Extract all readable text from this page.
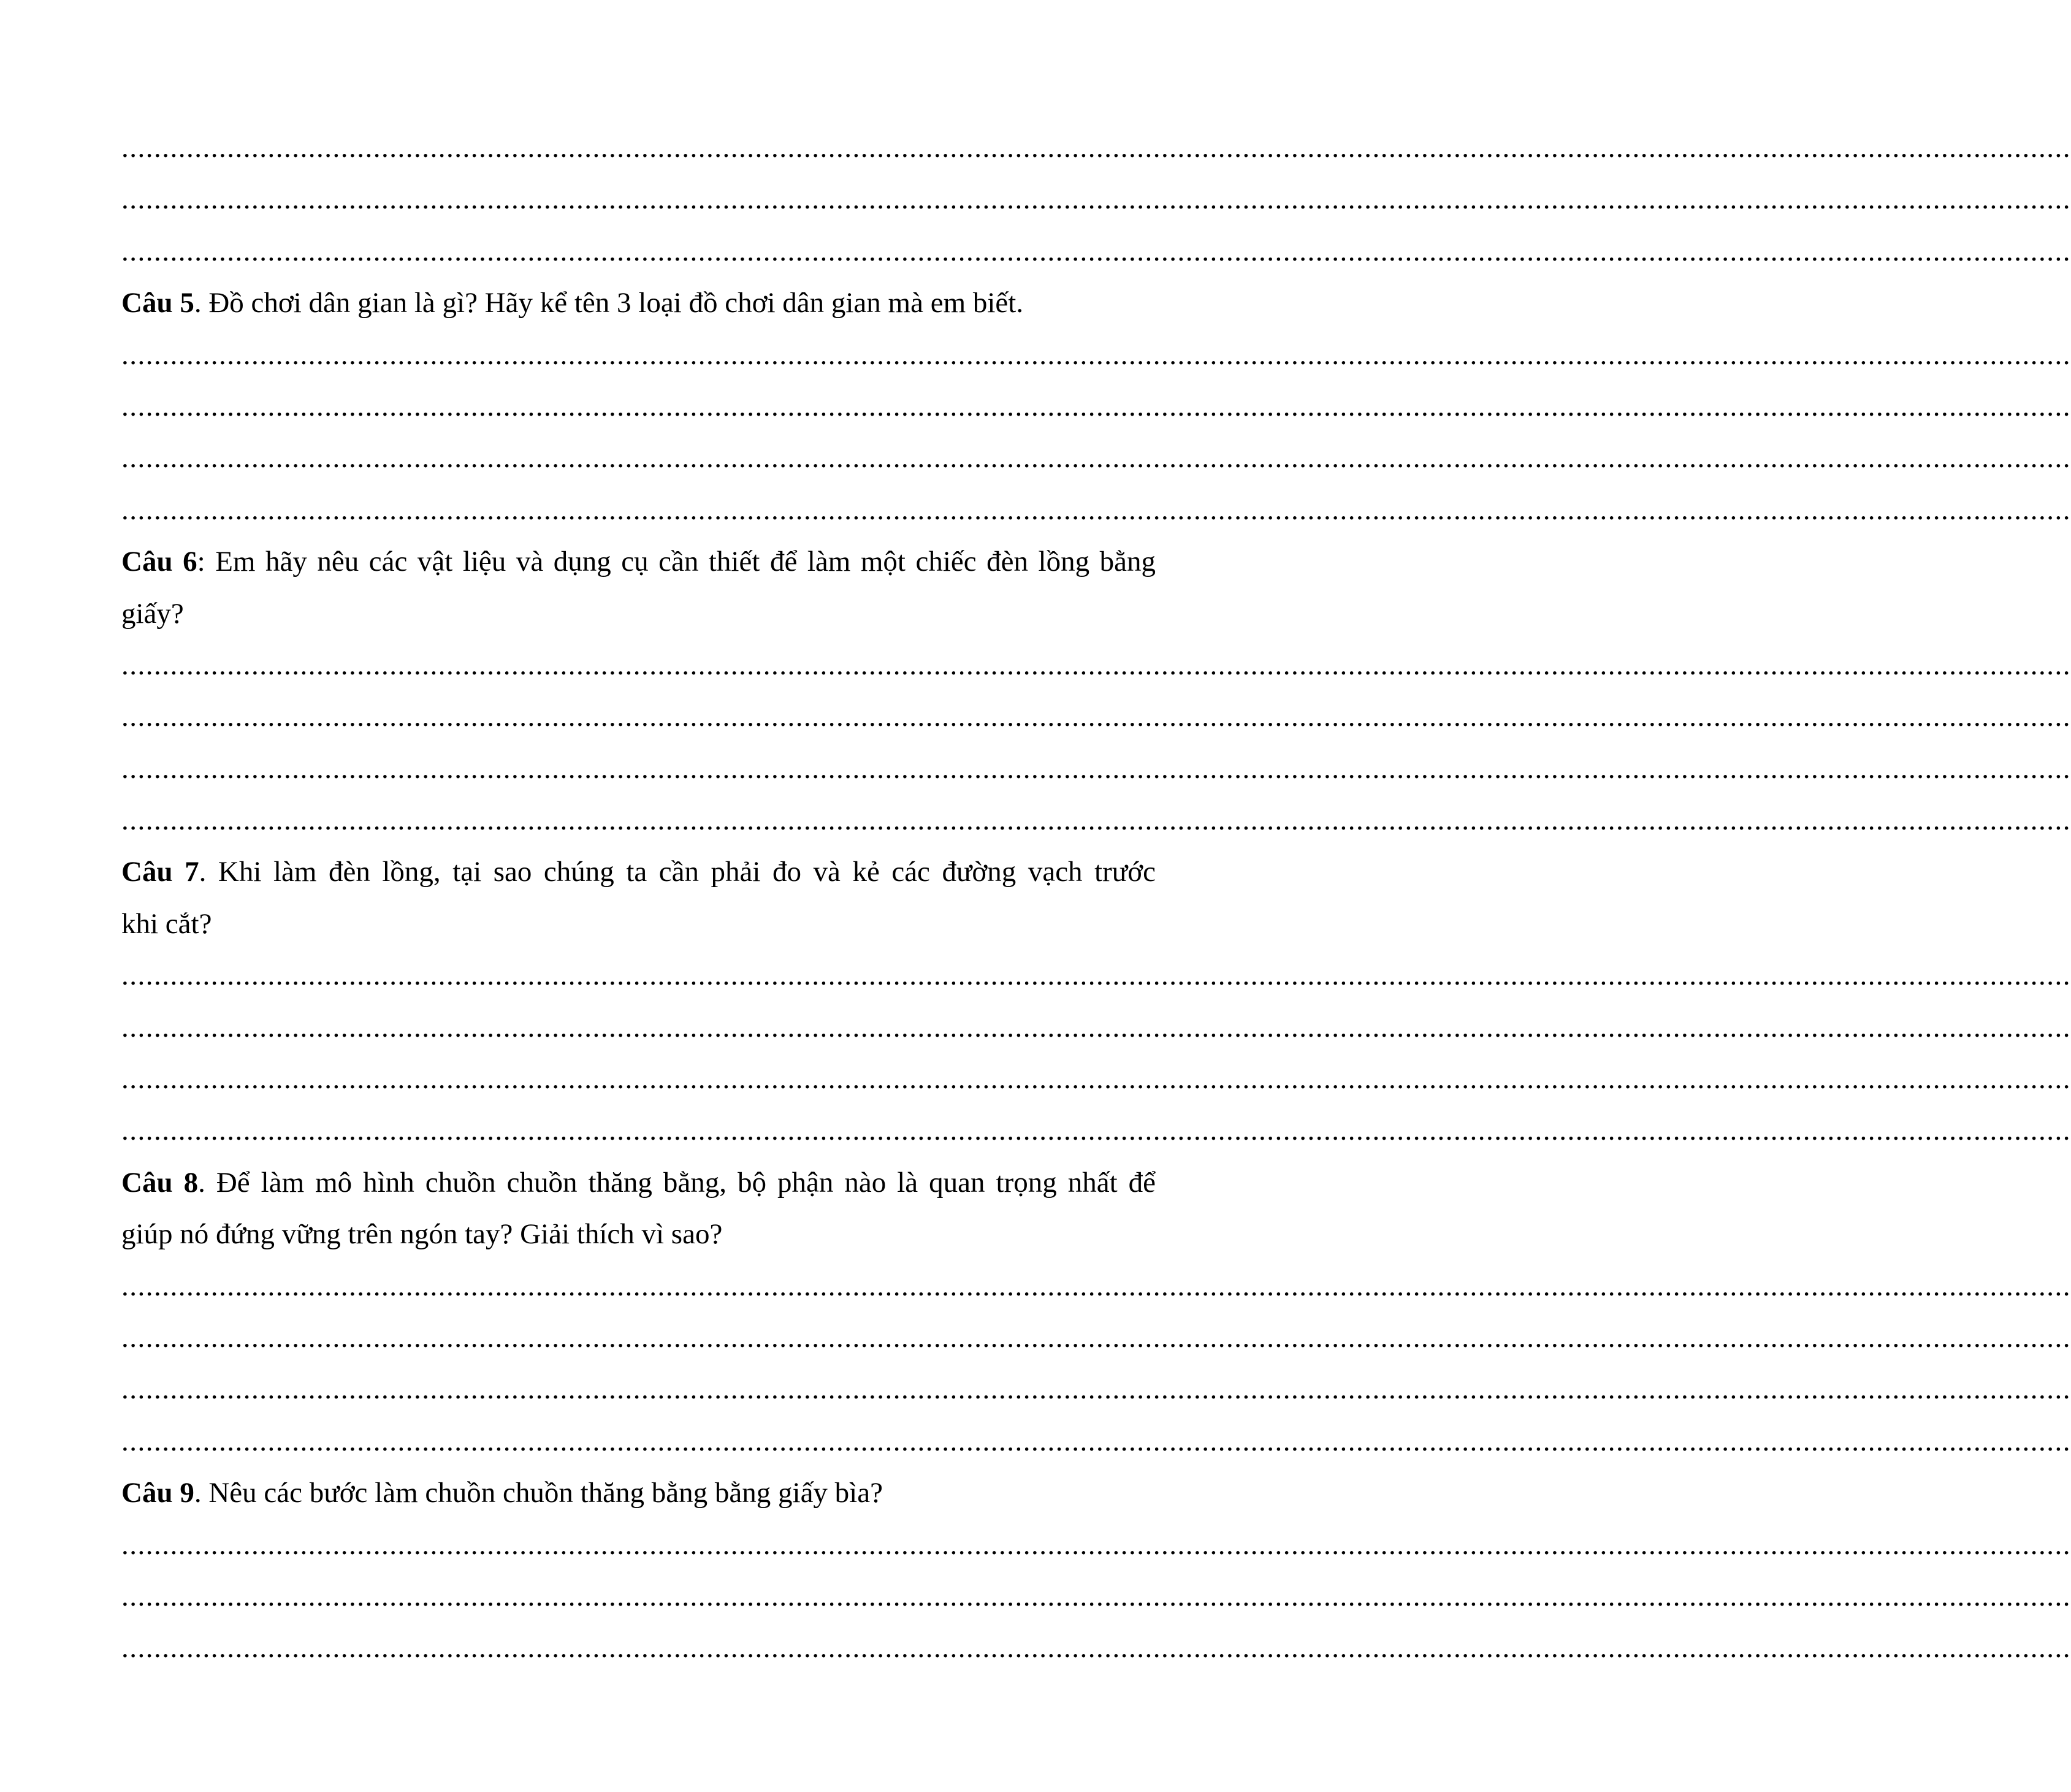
................................................................................................................................................................................................................................................
................................................................................................................................................................................................................................................
................................................................................................................................................................................................................................................
Câu 5. Đồ chơi dân gian là gì? Hãy kể tên 3 loại đồ chơi dân gian mà em biết.
................................................................................................................................................................................................................................................
................................................................................................................................................................................................................................................
................................................................................................................................................................................................................................................
................................................................................................................................................................................................................................................
Câu 6: Em hãy nêu các vật liệu và dụng cụ cần thiết để làm một chiếc đèn lồng bằng
giấy?
................................................................................................................................................................................................................................................
................................................................................................................................................................................................................................................
................................................................................................................................................................................................................................................
................................................................................................................................................................................................................................................
Câu 7. Khi làm đèn lồng, tại sao chúng ta cần phải đo và kẻ các đường vạch trước
khi cắt?
................................................................................................................................................................................................................................................
................................................................................................................................................................................................................................................
................................................................................................................................................................................................................................................
................................................................................................................................................................................................................................................
Câu 8. Để làm mô hình chuồn chuồn thăng bằng, bộ phận nào là quan trọng nhất để
giúp nó đứng vững trên ngón tay? Giải thích vì sao?
................................................................................................................................................................................................................................................
................................................................................................................................................................................................................................................
................................................................................................................................................................................................................................................
................................................................................................................................................................................................................................................
Câu 9. Nêu các bước làm chuồn chuồn thăng bằng bằng giấy bìa?
................................................................................................................................................................................................................................................
................................................................................................................................................................................................................................................
................................................................................................................................................................................................................................................
